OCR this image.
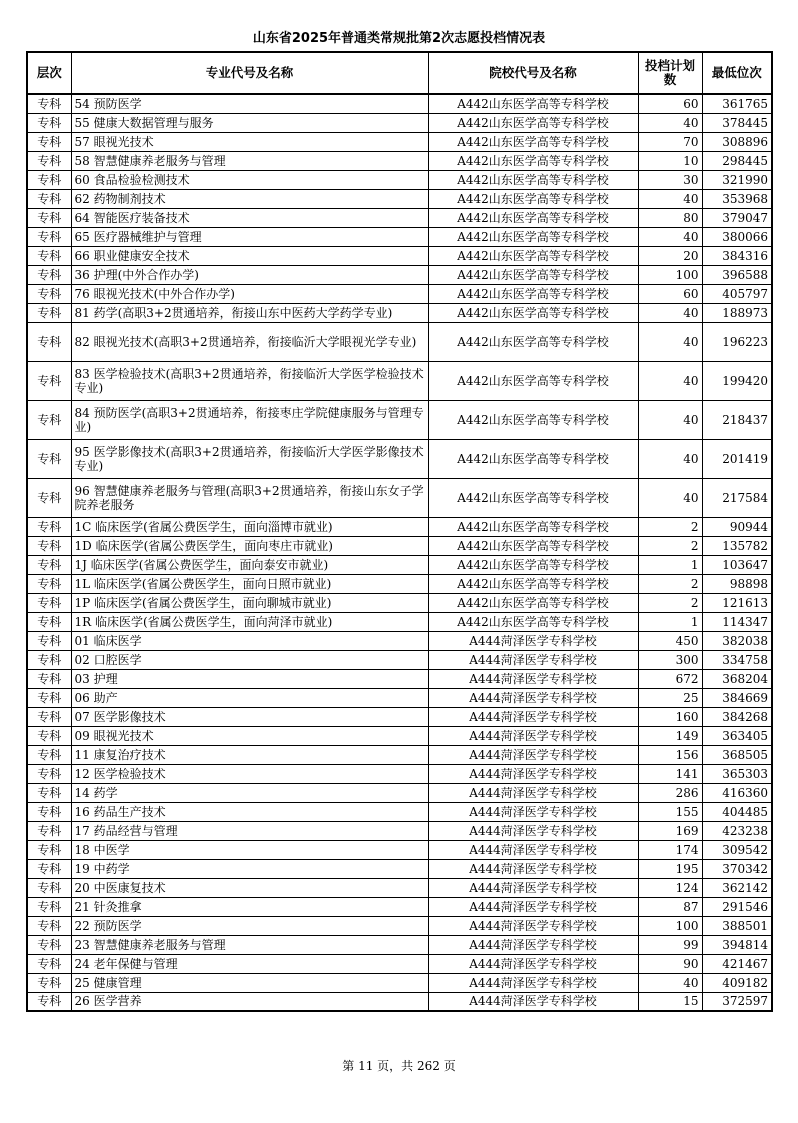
山东省2025年普通类常规批第2次志愿投档情况表
层次	专业代号及名称	院校代号及名称	投档计划数	最低位次
专科	54 预防医学	A442山东医学高等专科学校	60	361765
专科	55 健康大数据管理与服务	A442山东医学高等专科学校	40	378445
专科	57 眼视光技术	A442山东医学高等专科学校	70	308896
专科	58 智慧健康养老服务与管理	A442山东医学高等专科学校	10	298445
专科	60 食品检验检测技术	A442山东医学高等专科学校	30	321990
专科	62 药物制剂技术	A442山东医学高等专科学校	40	353968
专科	64 智能医疗装备技术	A442山东医学高等专科学校	80	379047
专科	65 医疗器械维护与管理	A442山东医学高等专科学校	40	380066
专科	66 职业健康安全技术	A442山东医学高等专科学校	20	384316
专科	36 护理(中外合作办学)	A442山东医学高等专科学校	100	396588
专科	76 眼视光技术(中外合作办学)	A442山东医学高等专科学校	60	405797
专科	81 药学(高职3+2贯通培养，衔接山东中医药大学药学专业)	A442山东医学高等专科学校	40	188973
专科	82 眼视光技术(高职3+2贯通培养，衔接临沂大学眼视光学专业)	A442山东医学高等专科学校	40	196223
专科	83 医学检验技术(高职3+2贯通培养，衔接临沂大学医学检验技术专业)	A442山东医学高等专科学校	40	199420
专科	84 预防医学(高职3+2贯通培养，衔接枣庄学院健康服务与管理专业)	A442山东医学高等专科学校	40	218437
专科	95 医学影像技术(高职3+2贯通培养，衔接临沂大学医学影像技术专业)	A442山东医学高等专科学校	40	201419
专科	96 智慧健康养老服务与管理(高职3+2贯通培养，衔接山东女子学院养老服务	A442山东医学高等专科学校	40	217584
专科	1C 临床医学(省属公费医学生，面向淄博市就业)	A442山东医学高等专科学校	2	90944
专科	1D 临床医学(省属公费医学生，面向枣庄市就业)	A442山东医学高等专科学校	2	135782
专科	1J 临床医学(省属公费医学生，面向泰安市就业)	A442山东医学高等专科学校	1	103647
专科	1L 临床医学(省属公费医学生，面向日照市就业)	A442山东医学高等专科学校	2	98898
专科	1P 临床医学(省属公费医学生，面向聊城市就业)	A442山东医学高等专科学校	2	121613
专科	1R 临床医学(省属公费医学生，面向菏泽市就业)	A442山东医学高等专科学校	1	114347
专科	01 临床医学	A444菏泽医学专科学校	450	382038
专科	02 口腔医学	A444菏泽医学专科学校	300	334758
专科	03 护理	A444菏泽医学专科学校	672	368204
专科	06 助产	A444菏泽医学专科学校	25	384669
专科	07 医学影像技术	A444菏泽医学专科学校	160	384268
专科	09 眼视光技术	A444菏泽医学专科学校	149	363405
专科	11 康复治疗技术	A444菏泽医学专科学校	156	368505
专科	12 医学检验技术	A444菏泽医学专科学校	141	365303
专科	14 药学	A444菏泽医学专科学校	286	416360
专科	16 药品生产技术	A444菏泽医学专科学校	155	404485
专科	17 药品经营与管理	A444菏泽医学专科学校	169	423238
专科	18 中医学	A444菏泽医学专科学校	174	309542
专科	19 中药学	A444菏泽医学专科学校	195	370342
专科	20 中医康复技术	A444菏泽医学专科学校	124	362142
专科	21 针灸推拿	A444菏泽医学专科学校	87	291546
专科	22 预防医学	A444菏泽医学专科学校	100	388501
专科	23 智慧健康养老服务与管理	A444菏泽医学专科学校	99	394814
专科	24 老年保健与管理	A444菏泽医学专科学校	90	421467
专科	25 健康管理	A444菏泽医学专科学校	40	409182
专科	26 医学营养	A444菏泽医学专科学校	15	372597
第 11 页，共 262 页
